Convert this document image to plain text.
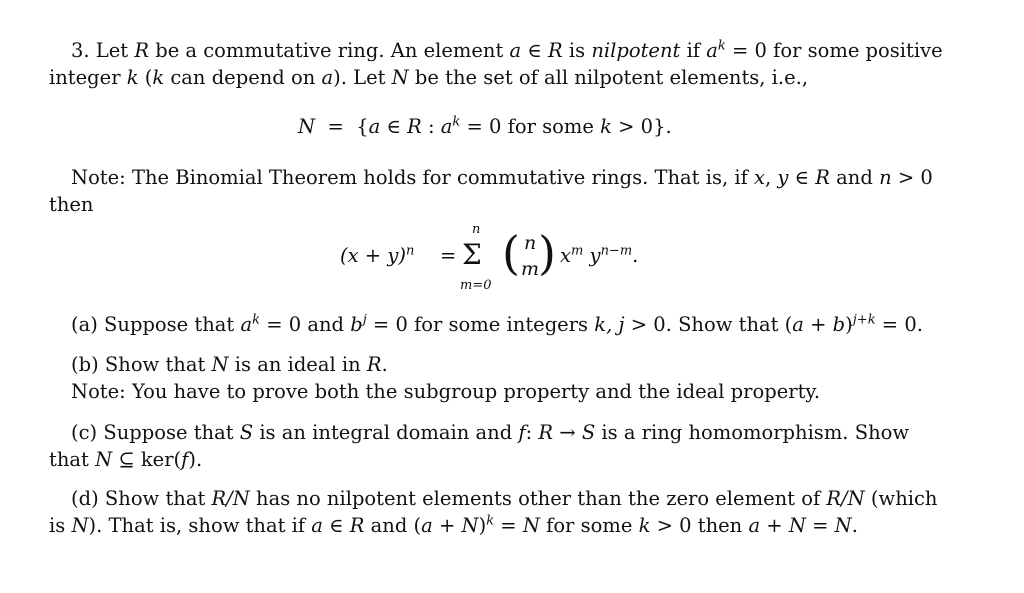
3. Let R be a commutative ring. An element a ∈ R is nilpotent if $a^k = 0$ for some positive
integer k (k can depend on a). Let N be the set of all nilpotent elements, i.e.,
N = {a ∈ R : $a^k = 0$ for some k > 0}.
Note: The Binomial Theorem holds for commutative rings. That is, if x, y ∈ R and n > 0
then
$(x + y)^n$ =
n
Σ
m=0
( n
m
) $x^m$ $y^{n-m}$.
(a) Suppose that $a^k = 0$ and $b^j = 0$ for some integers k, j > 0. Show that $(a + b)^{j+k} = 0$.
(b) Show that N is an ideal in R.
Note: You have to prove both the subgroup property and the ideal property.
(c) Suppose that S is an integral domain and f: R → S is a ring homomorphism. Show
that N ⊆ ker(f).
(d) Show that R/N has no nilpotent elements other than the zero element of R/N (which
is N). That is, show that if a ∈ R and $(a + N)^k = N$ for some k > 0 then a + N = N.
